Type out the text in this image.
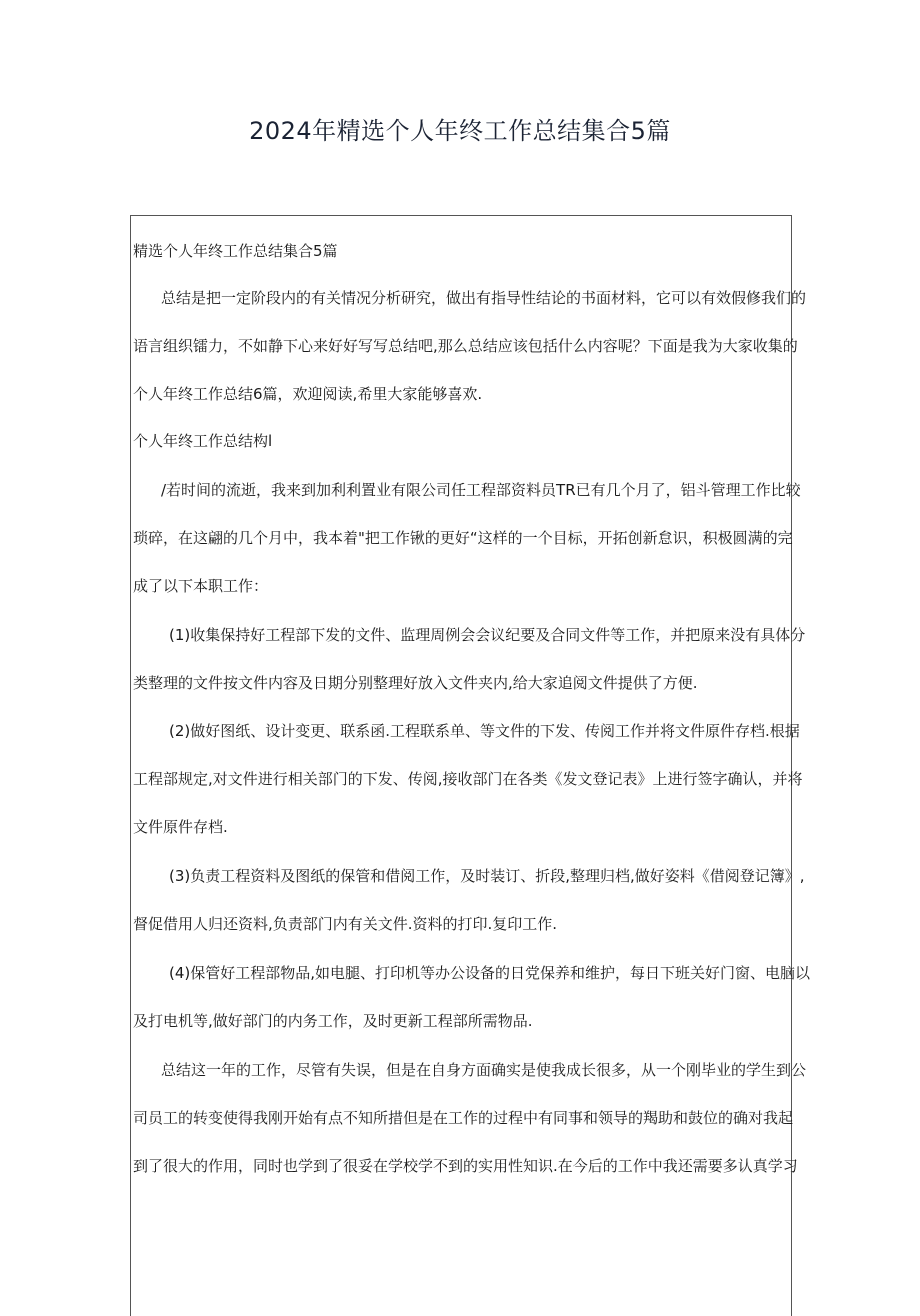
2024年精选个人年终工作总结集合5篇
精选个人年终工作总结集合5篇
总结是把一定阶段内的有关情况分析研究，做出有指导性结论的书面材料，它可以有效假修我们的
语言组织镭力，不如静下心来好好写写总结吧,那么总结应该包括什么内容呢？下面是我为大家收集的
个人年终工作总结6篇，欢迎阅读,希里大家能够喜欢.
个人年终工作总结构l
/若时间的流逝，我来到加利利置业有限公司任工程部资料员TR已有几个月了，铝斗管理工作比较
琐碎，在这翩的几个月中，我本着"把工作锹的更好“这样的一个目标，开拓创新怠识，积极圆满的完
成了以下本职工作：
(1)收集保持好工程部下发的文件、监理周例会会议纪要及合同文件等工作，并把原来没有具体分
类整理的文件按文件内容及日期分别整理好放入文件夹内,给大家追阅文件提供了方便.
(2)做好图纸、设计变更、联系函.工程联系单、等文件的下发、传阅工作并将文件原件存档.根据
工程部规定,对文件进行相关部门的下发、传阅,接收部门在各类《发文登记表》上进行签字确认，并将
文件原件存档.
(3)负责工程资料及图纸的保管和借阅工作，及时装订、折段,整理归档,做好姿料《借阅登记簿》,
督促借用人归还资料,负责部门内有关文件.资料的打印.复印工作.
(4)保管好工程部物品,如电腿、打印机等办公设备的日党保养和维护，每日下班关好门窗、电脑以
及打电机等,做好部门的内务工作，及时更新工程部所需物品.
总结这一年的工作，尽管有失误，但是在自身方面确实是使我成长很多，从一个刚毕业的学生到公
司员工的转变使得我刚开始有点不知所措但是在工作的过程中有同事和领导的羯助和鼓位的确对我起
到了很大的作用，同时也学到了很妥在学校学不到的实用性知识.在今后的工作中我还需要多认真学习
